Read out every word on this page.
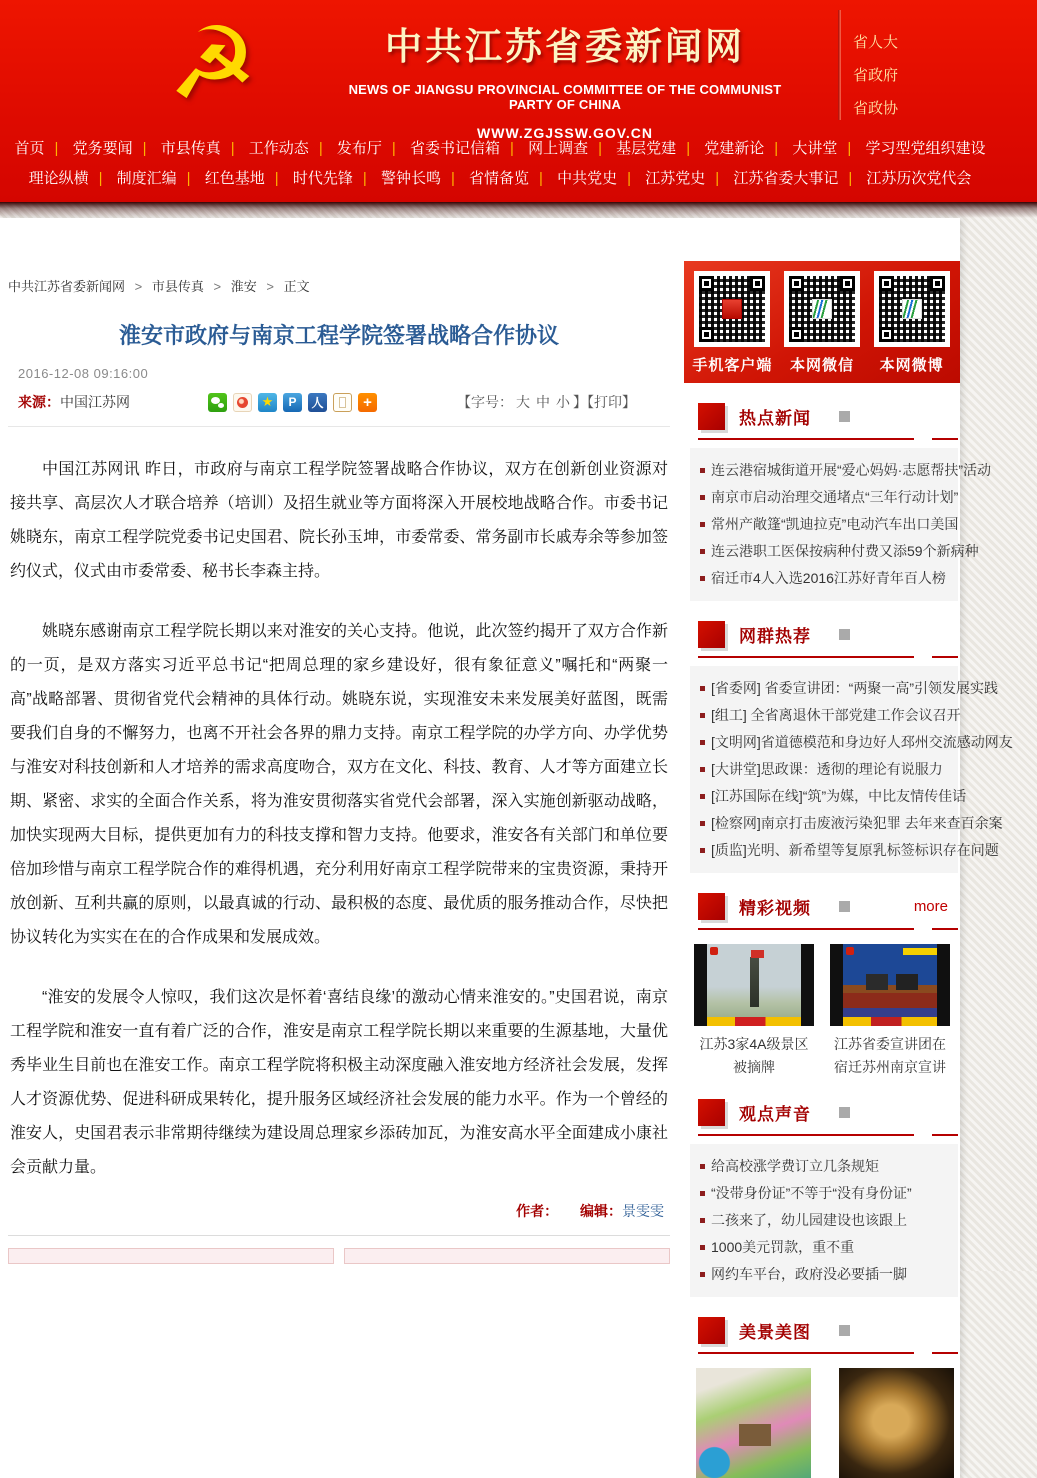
☭	中共江苏省委新闻网
NEWS OF JIANGSU PROVINCIAL COMMITTEE OF THE COMMUNIST PARTY OF CHINA
WWW.ZGJSSW.GOV.CN
省人大
省政府
省政协
首页 | 党务要闻 | 市县传真 | 工作动态 | 发布厅 | 省委书记信箱 | 网上调查 | 基层党建 | 党建新论 | 大讲堂 | 学习型党组织建设
理论纵横 | 制度汇编 | 红色基地 | 时代先锋 | 警钟长鸣 | 省情备览 | 中共党史 | 江苏党史 | 江苏省委大事记 | 江苏历次党代会
中共江苏省委新闻网 > 市县传真 > 淮安 > 正文
淮安市政府与南京工程学院签署战略合作协议
2016-12-08 09:16:00
来源： 中国江苏网	★	P	人	+	【字号： 大 中 小 】【打印】

中国江苏网讯 昨日，市政府与南京工程学院签署战略合作协议，双方在创新创业资源对接共享、高层次人才联合培养（培训）及招生就业等方面将深入开展校地战略合作。市委书记姚晓东，南京工程学院党委书记史国君、院长孙玉坤，市委常委、常务副市长戚寿余等参加签约仪式，仪式由市委常委、秘书长李森主持。

姚晓东感谢南京工程学院长期以来对淮安的关心支持。他说，此次签约揭开了双方合作新的一页，是双方落实习近平总书记“把周总理的家乡建设好，很有象征意义”嘱托和“两聚一高”战略部署、贯彻省党代会精神的具体行动。姚晓东说，实现淮安未来发展美好蓝图，既需要我们自身的不懈努力，也离不开社会各界的鼎力支持。南京工程学院的办学方向、办学优势与淮安对科技创新和人才培养的需求高度吻合，双方在文化、科技、教育、人才等方面建立长期、紧密、求实的全面合作关系，将为淮安贯彻落实省党代会部署，深入实施创新驱动战略，加快实现两大目标，提供更加有力的科技支撑和智力支持。他要求，淮安各有关部门和单位要倍加珍惜与南京工程学院合作的难得机遇，充分利用好南京工程学院带来的宝贵资源，秉持开放创新、互利共赢的原则，以最真诚的行动、最积极的态度、最优质的服务推动合作，尽快把协议转化为实实在在的合作成果和发展成效。

“淮安的发展令人惊叹，我们这次是怀着‘喜结良缘’的激动心情来淮安的。”史国君说，南京工程学院和淮安一直有着广泛的合作，淮安是南京工程学院长期以来重要的生源基地，大量优秀毕业生目前也在淮安工作。南京工程学院将积极主动深度融入淮安地方经济社会发展，发挥人才资源优势、促进科研成果转化，提升服务区域经济社会发展的能力水平。作为一个曾经的淮安人，史国君表示非常期待继续为建设周总理家乡添砖加瓦，为淮安高水平全面建成小康社会贡献力量。

作者： 编辑：景雯雯
手机客户端	本网微信	本网微博
热点新闻
连云港宿城街道开展“爱心妈妈·志愿帮扶”活动
南京市启动治理交通堵点“三年行动计划”
常州产敞篷“凯迪拉克”电动汽车出口美国
连云港职工医保按病种付费又添59个新病种
宿迁市4人入选2016江苏好青年百人榜
网群热荐
[省委网] 省委宣讲团：“两聚一高”引领发展实践
[组工] 全省离退休干部党建工作会议召开
[文明网]省道德模范和身边好人邳州交流感动网友
[大讲堂]思政课：透彻的理论有说服力
[江苏国际在线]“筑”为媒，中比友情传佳话
[检察网]南京打击废液污染犯罪 去年来查百余案
[质监]光明、新希望等复原乳标签标识存在问题
精彩视频	more
江苏3家4A级景区被摘牌
江苏省委宣讲团在宿迁苏州南京宣讲
观点声音
给高校涨学费订立几条规矩
“没带身份证”不等于“没有身份证”
二孩来了，幼儿园建设也该跟上
1000美元罚款，重不重
网约车平台，政府没必要插一脚
美景美图
